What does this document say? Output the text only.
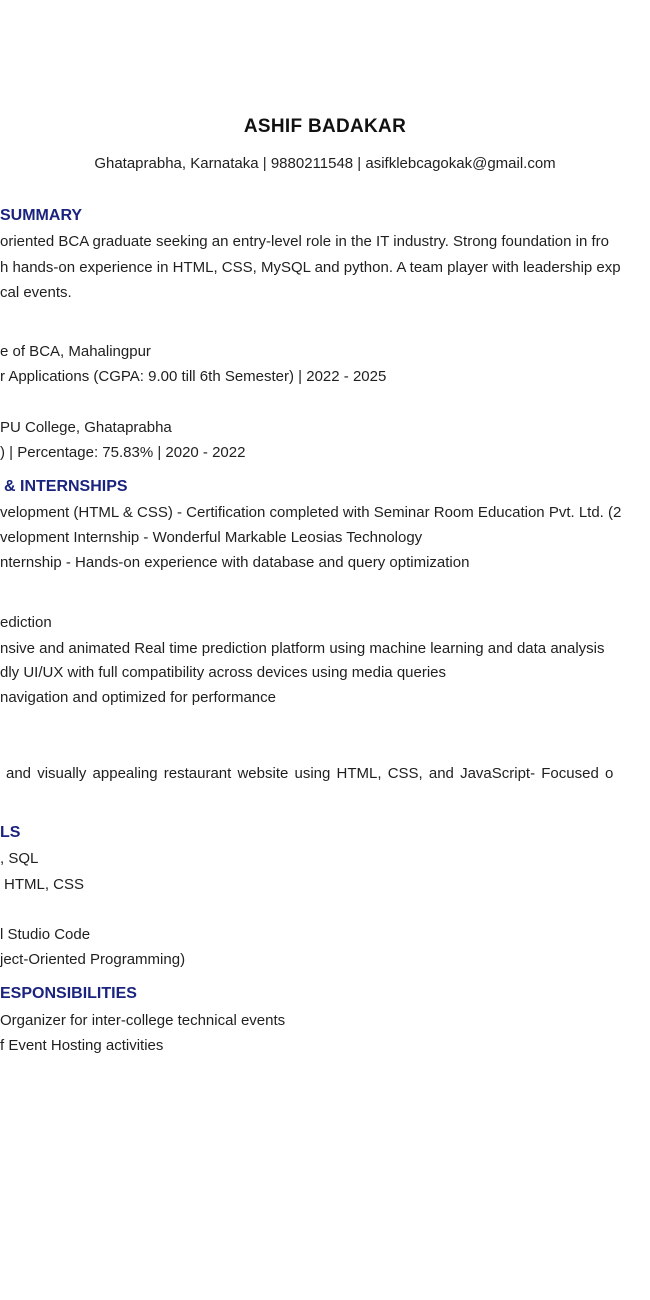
ASHIF BADAKAR
Ghataprabha, Karnataka | 9880211548 | asifklebcagokak@gmail.com
SUMMARY
oriented BCA graduate seeking an entry-level role in the IT industry. Strong foundation in fro
h hands-on experience in HTML, CSS, MySQL and python. A team player with leadership exp
cal events.
e of BCA, Mahalingpur
r Applications (CGPA: 9.00 till 6th Semester) | 2022 - 2025
PU College, Ghataprabha
) | Percentage: 75.83% | 2020 - 2022
& INTERNSHIPS
velopment (HTML & CSS) - Certification completed with Seminar Room Education Pvt. Ltd. (2
velopment Internship - Wonderful Markable Leosias Technology
nternship - Hands-on experience with database and query optimization
ediction
nsive and animated Real time prediction platform using machine learning and data analysis
dly UI/UX with full compatibility across devices using media queries
navigation and optimized for performance
and visually appealing restaurant website using HTML, CSS, and JavaScript- Focused o
LS
, SQL
HTML, CSS
l Studio Code
ject-Oriented Programming)
ESPONSIBILITIES
Organizer for inter-college technical events
f Event Hosting activities
